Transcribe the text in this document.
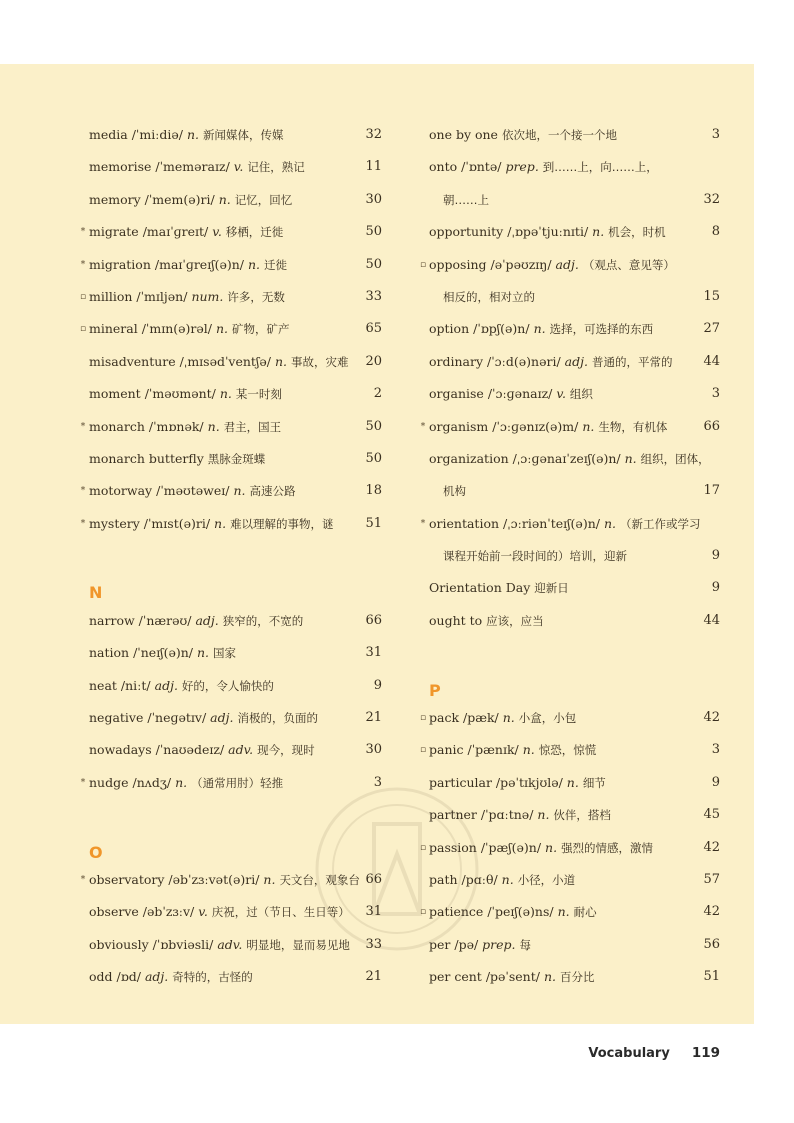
media /ˈmiːdiə/ n. 新闻媒体，传媒	32
memorise /ˈmeməraɪz/ v. 记住，熟记	11
memory /ˈmem(ə)ri/ n. 记忆，回忆	30
* migrate /maɪˈɡreɪt/ v. 移栖，迁徙	50
* migration /maɪˈɡreɪʃ(ə)n/ n. 迁徙	50
▫ million /ˈmɪljən/ num. 许多，无数	33
▫ mineral /ˈmɪn(ə)rəl/ n. 矿物，矿产	65
misadventure /ˌmɪsədˈventʃə/ n. 事故，灾难 20
moment /ˈməʊmənt/ n. 某一时刻	2
* monarch /ˈmɒnək/ n. 君主，国王	50
monarch butterfly 黑脉金斑蝶	50
* motorway /ˈməʊtəweɪ/ n. 高速公路	18
* mystery /ˈmɪst(ə)ri/ n. 难以理解的事物，谜 51
N
narrow /ˈnærəʊ/ adj. 狭窄的，不宽的	66
nation /ˈneɪʃ(ə)n/ n. 国家	31
neat /niːt/ adj. 好的，令人愉快的	9
negative /ˈneɡətɪv/ adj. 消极的，负面的	21
nowadays /ˈnaʊədeɪz/ adv. 现今，现时	30
* nudge /nʌdʒ/ n. （通常用肘）轻推	3
O
* observatory /əbˈzɜːvət(ə)ri/ n. 天文台，观象台 66
observe /əbˈzɜːv/ v. 庆祝，过（节日、生日等） 31
obviously /ˈɒbviəsli/ adv. 明显地，显而易见地 33
odd /ɒd/ adj. 奇特的，古怪的	21
one by one 依次地，一个接一个地	3
onto /ˈɒntə/ prep. 到……上，向……上，
朝……上	32
opportunity /ˌɒpəˈtjuːnɪti/ n. 机会，时机	8
▫ opposing /əˈpəʊzɪŋ/ adj. （观点、意见等）
相反的，相对立的	15
option /ˈɒpʃ(ə)n/ n. 选择，可选择的东西	27
ordinary /ˈɔːd(ə)nəri/ adj. 普通的，平常的 44
organise /ˈɔːɡənaɪz/ v. 组织	3
* organism /ˈɔːɡənɪz(ə)m/ n. 生物，有机体	66
organization /ˌɔːɡənaɪˈzeɪʃ(ə)n/ n. 组织，团体，
机构	17
* orientation /ˌɔːriənˈteɪʃ(ə)n/ n. （新工作或学习
课程开始前一段时间的）培训，迎新	9
Orientation Day 迎新日	9
ought to 应该，应当	44
P
▫ pack /pæk/ n. 小盒，小包	42
▫ panic /ˈpænɪk/ n. 惊恐，惊慌	3
particular /pəˈtɪkjʊlə/ n. 细节	9
partner /ˈpɑːtnə/ n. 伙伴，搭档	45
▫ passion /ˈpæʃ(ə)n/ n. 强烈的情感，激情	42
path /pɑːθ/ n. 小径，小道	57
▫ patience /ˈpeɪʃ(ə)ns/ n. 耐心	42
per /pə/ prep. 每	56
per cent /pəˈsent/ n. 百分比	51
Vocabulary 119
